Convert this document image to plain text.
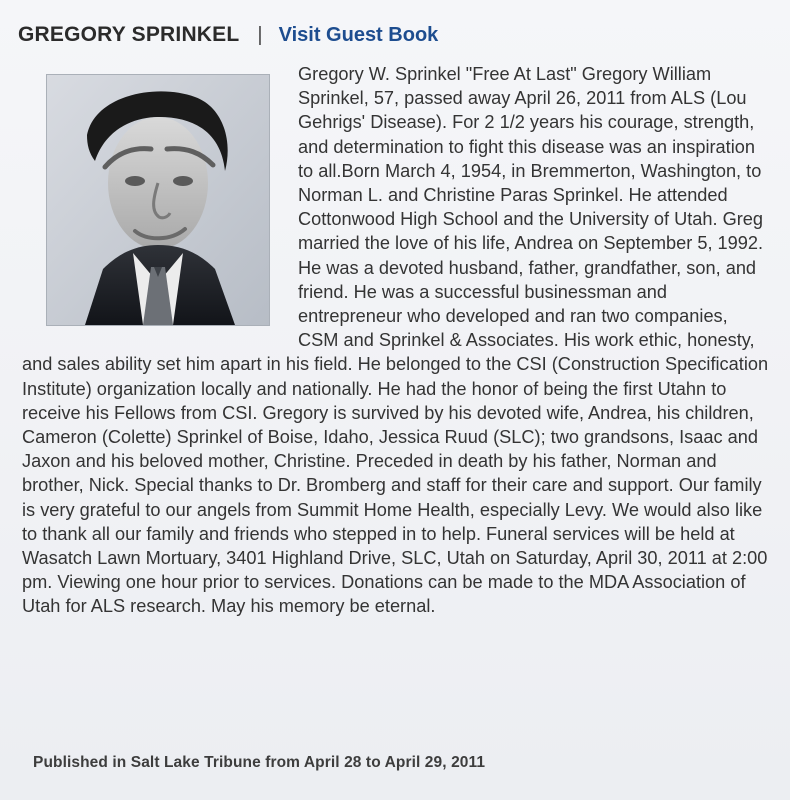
GREGORY SPRINKEL | Visit Guest Book
Gregory W. Sprinkel "Free At Last" Gregory William Sprinkel, 57, passed away April 26, 2011 from ALS (Lou Gehrigs' Disease). For 2 1/2 years his courage, strength, and determination to fight this disease was an inspiration to all.Born March 4, 1954, in Bremmerton, Washington, to Norman L. and Christine Paras Sprinkel. He attended Cottonwood High School and the University of Utah. Greg married the love of his life, Andrea on September 5, 1992. He was a devoted husband, father, grandfather, son, and friend. He was a successful businessman and entrepreneur who developed and ran two companies, CSM and Sprinkel & Associates. His work ethic, honesty, and sales ability set him apart in his field. He belonged to the CSI (Construction Specification Institute) organization locally and nationally. He had the honor of being the first Utahn to receive his Fellows from CSI. Gregory is survived by his devoted wife, Andrea, his children, Cameron (Colette) Sprinkel of Boise, Idaho, Jessica Ruud (SLC); two grandsons, Isaac and Jaxon and his beloved mother, Christine. Preceded in death by his father, Norman and brother, Nick. Special thanks to Dr. Bromberg and staff for their care and support. Our family is very grateful to our angels from Summit Home Health, especially Levy. We would also like to thank all our family and friends who stepped in to help. Funeral services will be held at Wasatch Lawn Mortuary, 3401 Highland Drive, SLC, Utah on Saturday, April 30, 2011 at 2:00 pm. Viewing one hour prior to services. Donations can be made to the MDA Association of Utah for ALS research. May his memory be eternal.
Published in Salt Lake Tribune from April 28 to April 29, 2011
